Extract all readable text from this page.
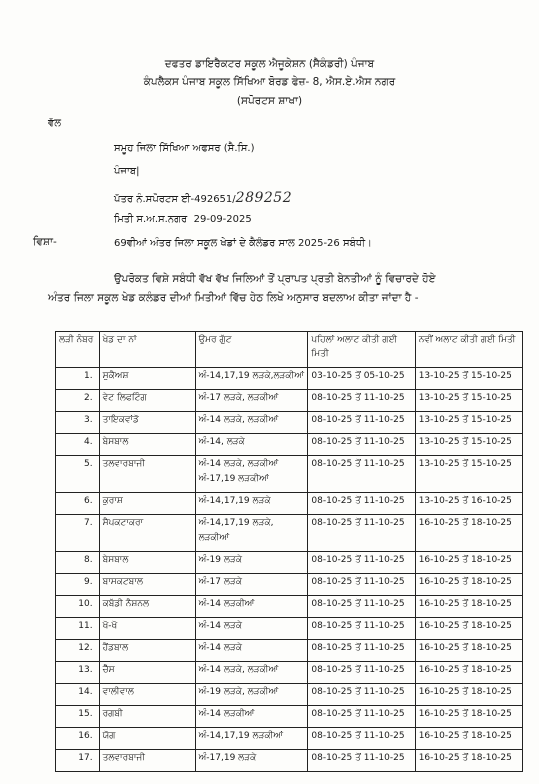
ਦਫਤਰ ਡਾਇਰੈਕਟਰ ਸਕੂਲ ਐਜੂਕੇਸ਼ਨ (ਸੈਕੰਡਰੀ) ਪੰਜਾਬ
ਕੰਪਲੈਕਸ ਪੰਜਾਬ ਸਕੂਲ ਸਿੱਖਿਆ ਬੋਰਡ ਫੇਜ਼- 8, ਐਸ.ਏ.ਐਸ ਨਗਰ
(ਸਪੋਰਟਸ ਸ਼ਾਖਾ)
ਵੱਲ
ਸਮੂਹ ਜਿਲਾ ਸਿੱਖਿਆ ਅਫਸਰ (ਸੈ.ਸਿ.)
ਪੰਜਾਬ|
ਪੱਤਰ ਨੰ.ਸਪੋਰਟਸ ਈ-492651/289252
ਮਿਤੀ ਸ.ਅ.ਸ.ਨਗਰ 29-09-2025
ਵਿਸ਼ਾ-	69ਵੀਆਂ ਅੰਤਰ ਜਿਲਾ ਸਕੂਲ ਖੇਡਾਂ ਦੇ ਕੈਲੰਡਰ ਸਾਲ 2025-26 ਸਬੰਧੀ।
ਉਪਰੋਕਤ ਵਿਸ਼ੇ ਸਬੰਧੀ ਵੱਖ ਵੱਖ ਜਿਲਿਆਂ ਤੋਂ ਪ੍ਰਾਪਤ ਪ੍ਰਤੀ ਬੇਨਤੀਆਂ ਨੂੰ ਵਿਚਾਰਦੇ ਹੋਏ
ਅੰਤਰ ਜਿਲਾ ਸਕੂਲ ਖੇਡ ਕਲੰਡਰ ਦੀਆਂ ਮਿਤੀਆਂ ਵਿੱਚ ਹੇਠ ਲਿਖੇ ਅਨੁਸਾਰ ਬਦਲਾਅ ਕੀਤਾ ਜਾਂਦਾ ਹੈ -
ਲੜੀ ਨੰਬਰ	ਖੇਡ ਦਾ ਨਾਂ	ਉਮਰ ਗੁੱਟ	ਪਹਿਲਾਂ ਅਲਾਟ ਕੀਤੀ ਗਈ ਮਿਤੀ	ਨਵੀਂ ਅਲਾਟ ਕੀਤੀ ਗਈ ਮਿਤੀ
1.	ਸੁਕੈਅਸ਼	ਅੰ-14,17,19 ਲੜਕੇ,ਲੜਕੀਆਂ	03-10-25 ਤੋਂ 05-10-25	13-10-25 ਤੋਂ 15-10-25
2.	ਵੇਟ ਲਿਫਟਿੰਗ	ਅੰ-17 ਲੜਕੇ, ਲੜਕੀਆਂ	08-10-25 ਤੋਂ 11-10-25	13-10-25 ਤੋਂ 15-10-25
3.	ਤਾਇਕਵਾਂਡੋ	ਅੰ-14 ਲੜਕੇ, ਲੜਕੀਆਂ	08-10-25 ਤੋਂ 11-10-25	13-10-25 ਤੋਂ 15-10-25
4.	ਬੇਸਬਾਲ	ਅੰ-14, ਲੜਕੇ	08-10-25 ਤੋਂ 11-10-25	13-10-25 ਤੋਂ 15-10-25
5.	ਤਲਵਾਰਬਾਜੀ	ਅੰ-14 ਲੜਕੇ, ਲੜਕੀਆਂ ਅੰ-17,19 ਲੜਕੀਆਂ	08-10-25 ਤੋਂ 11-10-25	13-10-25 ਤੋਂ 15-10-25
6.	ਕੁਰਾਸ਼	ਅੰ-14,17,19 ਲੜਕੇ	08-10-25 ਤੋਂ 11-10-25	13-10-25 ਤੋਂ 16-10-25
7.	ਸੈਪਕਟਾਕਰਾ	ਅੰ-14,17,19 ਲੜਕੇ, ਲੜਕੀਆਂ	08-10-25 ਤੋਂ 11-10-25	16-10-25 ਤੋਂ 18-10-25
8.	ਬੇਸਬਾਲ	ਅੰ-19 ਲੜਕੇ	08-10-25 ਤੋਂ 11-10-25	16-10-25 ਤੋਂ 18-10-25
9.	ਬਾਸਕਟਬਾਲ	ਅੰ-17 ਲੜਕੇ	08-10-25 ਤੋਂ 11-10-25	16-10-25 ਤੋਂ 18-10-25
10.	ਕਬੱਡੀ ਨੈਸ਼ਨਲ	ਅੰ-14 ਲੜਕੀਆਂ	08-10-25 ਤੋਂ 11-10-25	16-10-25 ਤੋਂ 18-10-25
11.	ਖੋ-ਖੋ	ਅੰ-14 ਲੜਕੇ	08-10-25 ਤੋਂ 11-10-25	16-10-25 ਤੋਂ 18-10-25
12.	ਹੈਂਡਬਾਲ	ਅੰ-14 ਲੜਕੇ	08-10-25 ਤੋਂ 11-10-25	16-10-25 ਤੋਂ 18-10-25
13.	ਚੈੱਸ	ਅੰ-14 ਲੜਕੇ, ਲੜਕੀਆਂ	08-10-25 ਤੋਂ 11-10-25	16-10-25 ਤੋਂ 18-10-25
14.	ਵਾਲੀਵਾਲ	ਅੰ-19 ਲੜਕੇ, ਲੜਕੀਆਂ	08-10-25 ਤੋਂ 11-10-25	16-10-25 ਤੋਂ 18-10-25
15.	ਰਗਬੀ	ਅੰ-14 ਲੜਕੀਆਂ	08-10-25 ਤੋਂ 11-10-25	16-10-25 ਤੋਂ 18-10-25
16.	ਯੋਗ	ਅੰ-14,17,19 ਲੜਕੀਆਂ	08-10-25 ਤੋਂ 11-10-25	16-10-25 ਤੋਂ 18-10-25
17.	ਤਲਵਾਰਬਾਜੀ	ਅੰ-17,19 ਲੜਕੇ	08-10-25 ਤੋਂ 11-10-25	16-10-25 ਤੋਂ 18-10-25
